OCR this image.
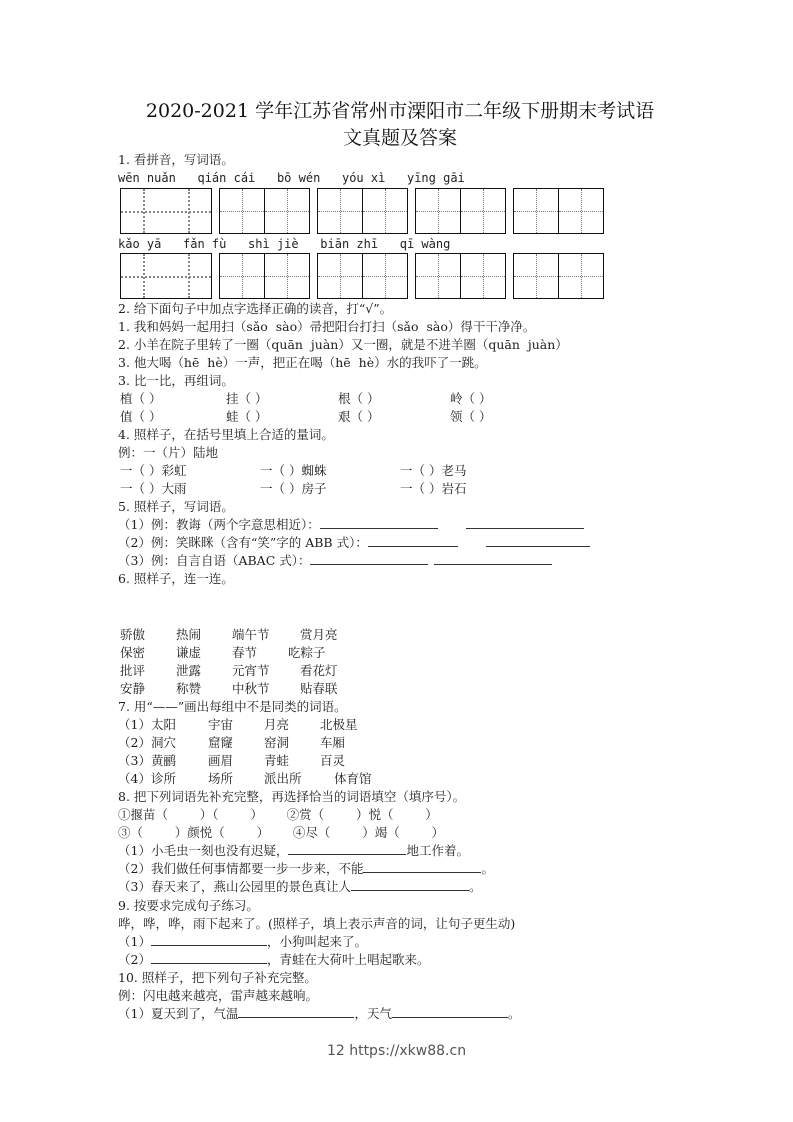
2020-2021 学年江苏省常州市溧阳市二年级下册期末考试语
文真题及答案
1. 看拼音，写词语。
wēn nuǎn   qián cái   bō wén   yóu xì   yīng gāi
kǎo yā   fǎn fù   shì jiè   biān zhī   qī wàng
2. 给下面句子中加点字选择正确的读音，打“√”。
1. 我和妈妈一起用扫（sǎo  sào）帚把阳台打扫（sǎo  sào）得干干净净。
2. 小羊在院子里转了一圈（quān  juàn）又一圈，就是不进羊圈（quān  juàn）
3. 他大喝（hē  hè）一声，把正在喝（hē  hè）水的我吓了一跳。
3. 比一比，再组词。
植（ ）	挂（ ）	根（ ）	岭（ ）
值（ ）	蛙（ ）	艰（ ）	领（ ）
4. 照样子，在括号里填上合适的量词。
例：一（片）陆地
一（ ）彩虹	一（ ）蜘蛛	一（ ）老马
一（ ）大雨	一（ ）房子	一（ ）岩石
5. 照样子，写词语。
（1）例：教诲（两个字意思相近）：
（2）例：笑眯眯（含有“笑”字的 ABB 式）：
（3）例：自言自语（ABAC 式）：
6. 照样子，连一连。
骄傲	热闹	端午节	赏月亮
保密	谦虚	春节	吃粽子
批评	泄露	元宵节	看花灯
安静	称赞	中秋节	贴春联
7. 用“——”画出每组中不是同类的词语。
（1）太阳	宇宙	月亮	北极星
（2）洞穴	窟窿	窑洞	车厢
（3）黄鹂	画眉	青蛙	百灵
（4）诊所	场所	派出所	体育馆
8. 把下列词语先补充完整，再选择恰当的词语填空（填序号）。
①揠苗（        ）（        ）      ②赏（        ）悦（        ）
③（        ）颜悦（        ）      ④尽（        ）竭（        ）
（1）小毛虫一刻也没有迟疑，	地工作着。
（2）我们做任何事情都要一步一步来，不能	。
（3）春天来了，燕山公园里的景色真让人	。
9. 按要求完成句子练习。
哗，哗，哗，雨下起来了。(照样子，填上表示声音的词，让句子更生动)
（1）	，小狗叫起来了。
（2）	，青蛙在大荷叶上唱起歌来。
10. 照样子，把下列句子补充完整。
例：闪电越来越亮，雷声越来越响。
（1）夏天到了，气温	，天气	。
12 https://xkw88.cn
